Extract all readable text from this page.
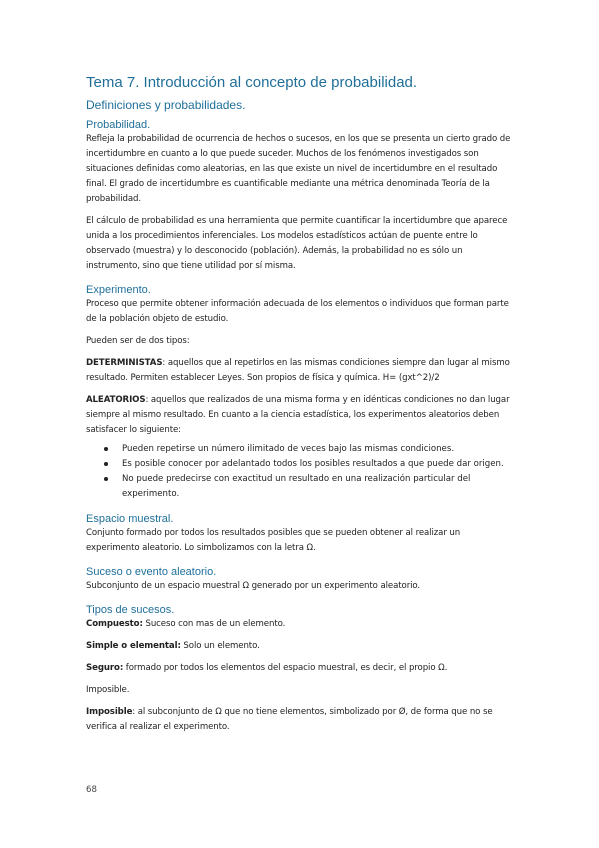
Tema 7. Introducción al concepto de probabilidad.
Definiciones y probabilidades.
Probabilidad.

Refleja la probabilidad de ocurrencia de hechos o sucesos, en los que se presenta un cierto grado de incertidumbre en cuanto a lo que puede suceder. Muchos de los fenómenos investigados son situaciones definidas como aleatorias, en las que existe un nivel de incertidumbre en el resultado final. El grado de incertidumbre es cuantificable mediante una métrica denominada Teoría de la probabilidad.

El cálculo de probabilidad es una herramienta que permite cuantificar la incertidumbre que aparece unida a los procedimientos inferenciales. Los modelos estadísticos actúan de puente entre lo observado (muestra) y lo desconocido (población). Además, la probabilidad no es sólo un instrumento, sino que tiene utilidad por sí misma.

Experimento.

Proceso que permite obtener información adecuada de los elementos o individuos que forman parte de la población objeto de estudio.

Pueden ser de dos tipos:

DETERMINISTAS: aquellos que al repetirlos en las mismas condiciones siempre dan lugar al mismo resultado. Permiten establecer Leyes. Son propios de física y química. H= (gxt^2)/2

ALEATORIOS: aquellos que realizados de una misma forma y en idénticas condiciones no dan lugar siempre al mismo resultado. En cuanto a la ciencia estadística, los experimentos aleatorios deben satisfacer lo siguiente:

Pueden repetirse un número ilimitado de veces bajo las mismas condiciones.
Es posible conocer por adelantado todos los posibles resultados a que puede dar origen.
No puede predecirse con exactitud un resultado en una realización particular del experimento.
Espacio muestral.

Conjunto formado por todos los resultados posibles que se pueden obtener al realizar un experimento aleatorio. Lo simbolizamos con la letra Ω.

Suceso o evento aleatorio.

Subconjunto de un espacio muestral Ω generado por un experimento aleatorio.

Tipos de sucesos.

Compuesto: Suceso con mas de un elemento.

Simple o elemental: Solo un elemento.

Seguro: formado por todos los elementos del espacio muestral, es decir, el propio Ω.

Imposible.

Imposible: al subconjunto de Ω que no tiene elementos, simbolizado por Ø, de forma que no se verifica al realizar el experimento.

68
